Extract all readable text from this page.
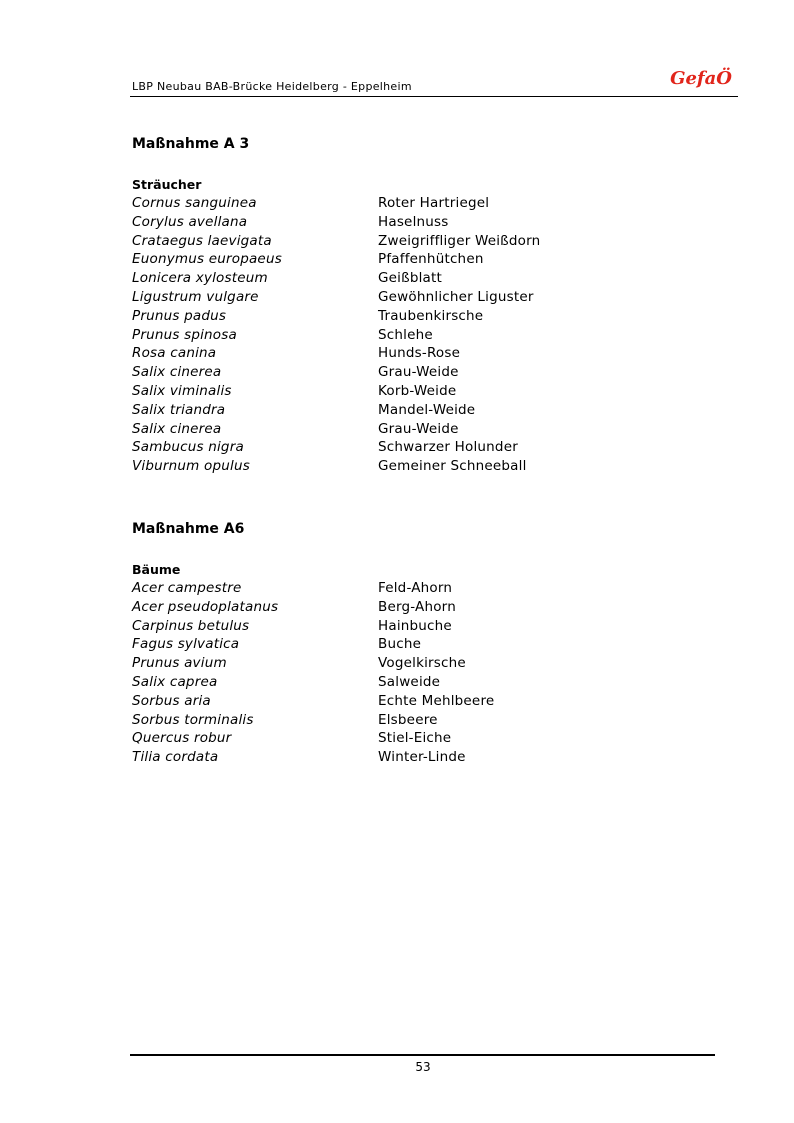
LBP Neubau BAB-Brücke Heidelberg - Eppelheim	GefaÖ
Maßnahme A 3
Sträucher
Cornus sanguinea	Roter Hartriegel
Corylus avellana	Haselnuss
Crataegus laevigata	Zweigriffliger Weißdorn
Euonymus europaeus	Pfaffenhütchen
Lonicera xylosteum	Geißblatt
Ligustrum vulgare	Gewöhnlicher Liguster
Prunus padus	Traubenkirsche
Prunus spinosa	Schlehe
Rosa canina	Hunds-Rose
Salix cinerea	Grau-Weide
Salix viminalis	Korb-Weide
Salix triandra	Mandel-Weide
Salix cinerea	Grau-Weide
Sambucus nigra	Schwarzer Holunder
Viburnum opulus	Gemeiner Schneeball
Maßnahme A6
Bäume
Acer campestre	Feld-Ahorn
Acer pseudoplatanus	Berg-Ahorn
Carpinus betulus	Hainbuche
Fagus sylvatica	Buche
Prunus avium	Vogelkirsche
Salix caprea	Salweide
Sorbus aria	Echte Mehlbeere
Sorbus torminalis	Elsbeere
Quercus robur	Stiel-Eiche
Tilia cordata	Winter-Linde
53
